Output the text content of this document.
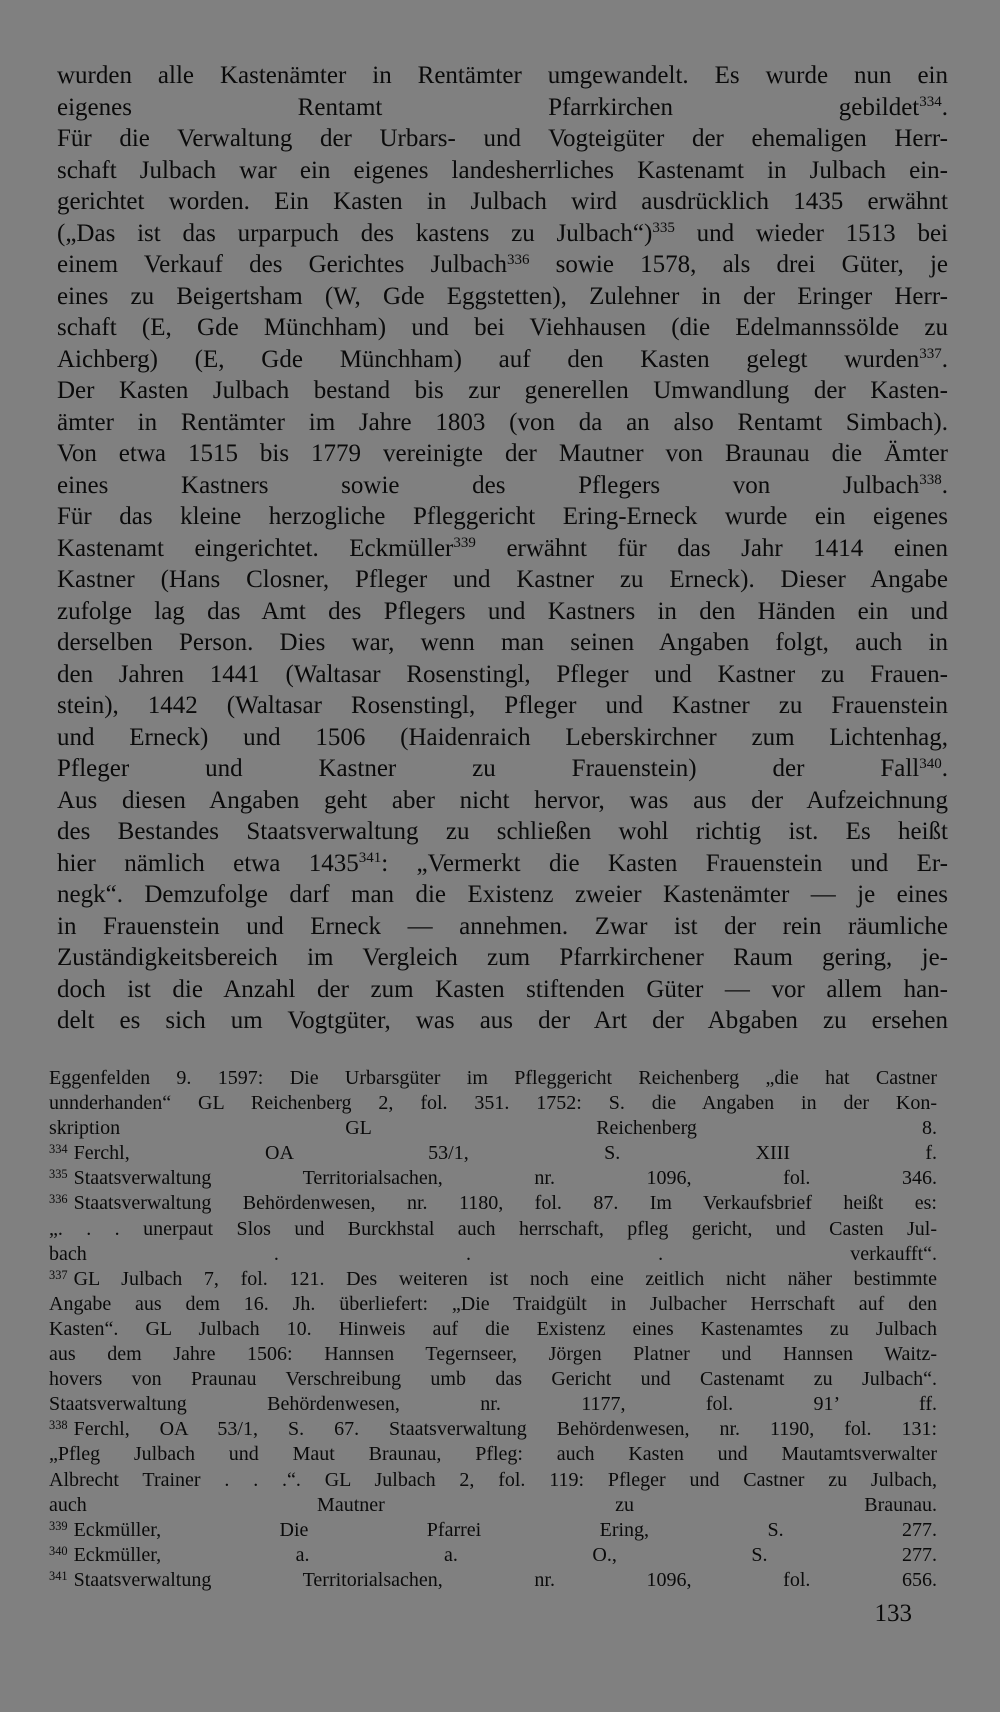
wurden alle Kastenämter in Rentämter umgewandelt. Es wurde nun ein
eigenes Rentamt Pfarrkirchen gebildet$^{334}$.
Für die Verwaltung der Urbars- und Vogteigüter der ehemaligen Herr-
schaft Julbach war ein eigenes landesherrliches Kastenamt in Julbach ein-
gerichtet worden. Ein Kasten in Julbach wird ausdrücklich 1435 erwähnt
(„Das ist das urparpuch des kastens zu Julbach“)$^{335}$ und wieder 1513 bei
einem Verkauf des Gerichtes Julbach$^{336}$ sowie 1578, als drei Güter, je
eines zu Beigertsham (W, Gde Eggstetten), Zulehner in der Eringer Herr-
schaft (E, Gde Münchham) und bei Viehhausen (die Edelmannssölde zu
Aichberg) (E, Gde Münchham) auf den Kasten gelegt wurden$^{337}$.
Der Kasten Julbach bestand bis zur generellen Umwandlung der Kasten-
ämter in Rentämter im Jahre 1803 (von da an also Rentamt Simbach).
Von etwa 1515 bis 1779 vereinigte der Mautner von Braunau die Ämter
eines Kastners sowie des Pflegers von Julbach$^{338}$.
Für das kleine herzogliche Pfleggericht Ering-Erneck wurde ein eigenes
Kastenamt eingerichtet. Eckmüller$^{339}$ erwähnt für das Jahr 1414 einen
Kastner (Hans Closner, Pfleger und Kastner zu Erneck). Dieser Angabe
zufolge lag das Amt des Pflegers und Kastners in den Händen ein und
derselben Person. Dies war, wenn man seinen Angaben folgt, auch in
den Jahren 1441 (Waltasar Rosenstingl, Pfleger und Kastner zu Frauen-
stein), 1442 (Waltasar Rosenstingl, Pfleger und Kastner zu Frauenstein
und Erneck) und 1506 (Haidenraich Leberskirchner zum Lichtenhag,
Pfleger und Kastner zu Frauenstein) der Fall$^{340}$.
Aus diesen Angaben geht aber nicht hervor, was aus der Aufzeichnung
des Bestandes Staatsverwaltung zu schließen wohl richtig ist. Es heißt
hier nämlich etwa 1435$^{341}$: „Vermerkt die Kasten Frauenstein und Er-
negk“. Demzufolge darf man die Existenz zweier Kastenämter — je eines
in Frauenstein und Erneck — annehmen. Zwar ist der rein räumliche
Zuständigkeitsbereich im Vergleich zum Pfarrkirchener Raum gering, je-
doch ist die Anzahl der zum Kasten stiftenden Güter — vor allem han-
delt es sich um Vogtgüter, was aus der Art der Abgaben zu ersehen
Eggenfelden 9. 1597: Die Urbarsgüter im Pfleggericht Reichenberg „die hat Castner
unnderhanden“ GL Reichenberg 2, fol. 351. 1752: S. die Angaben in der Kon-
skription GL Reichenberg 8.
$^{334}$ Ferchl, OA 53/1, S. XIII f.
$^{335}$ Staatsverwaltung Territorialsachen, nr. 1096, fol. 346.
$^{336}$ Staatsverwaltung Behördenwesen, nr. 1180, fol. 87. Im Verkaufsbrief heißt es:
„. . . unerpaut Slos und Burckhstal auch herrschaft, pfleg gericht, und Casten Jul-
bach . . . verkaufft“.
$^{337}$ GL Julbach 7, fol. 121. Des weiteren ist noch eine zeitlich nicht näher bestimmte
Angabe aus dem 16. Jh. überliefert: „Die Traidgült in Julbacher Herrschaft auf den
Kasten“. GL Julbach 10. Hinweis auf die Existenz eines Kastenamtes zu Julbach
aus dem Jahre 1506: Hannsen Tegernseer, Jörgen Platner und Hannsen Waitz-
hovers von Praunau Verschreibung umb das Gericht und Castenamt zu Julbach“.
Staatsverwaltung Behördenwesen, nr. 1177, fol. 91’ ff.
$^{338}$ Ferchl, OA 53/1, S. 67. Staatsverwaltung Behördenwesen, nr. 1190, fol. 131:
„Pfleg Julbach und Maut Braunau, Pfleg: auch Kasten und Mautamtsverwalter
Albrecht Trainer . . .“. GL Julbach 2, fol. 119: Pfleger und Castner zu Julbach,
auch Mautner zu Braunau.
$^{339}$ Eckmüller, Die Pfarrei Ering, S. 277.
$^{340}$ Eckmüller, a. a. O., S. 277.
$^{341}$ Staatsverwaltung Territorialsachen, nr. 1096, fol. 656.
133
